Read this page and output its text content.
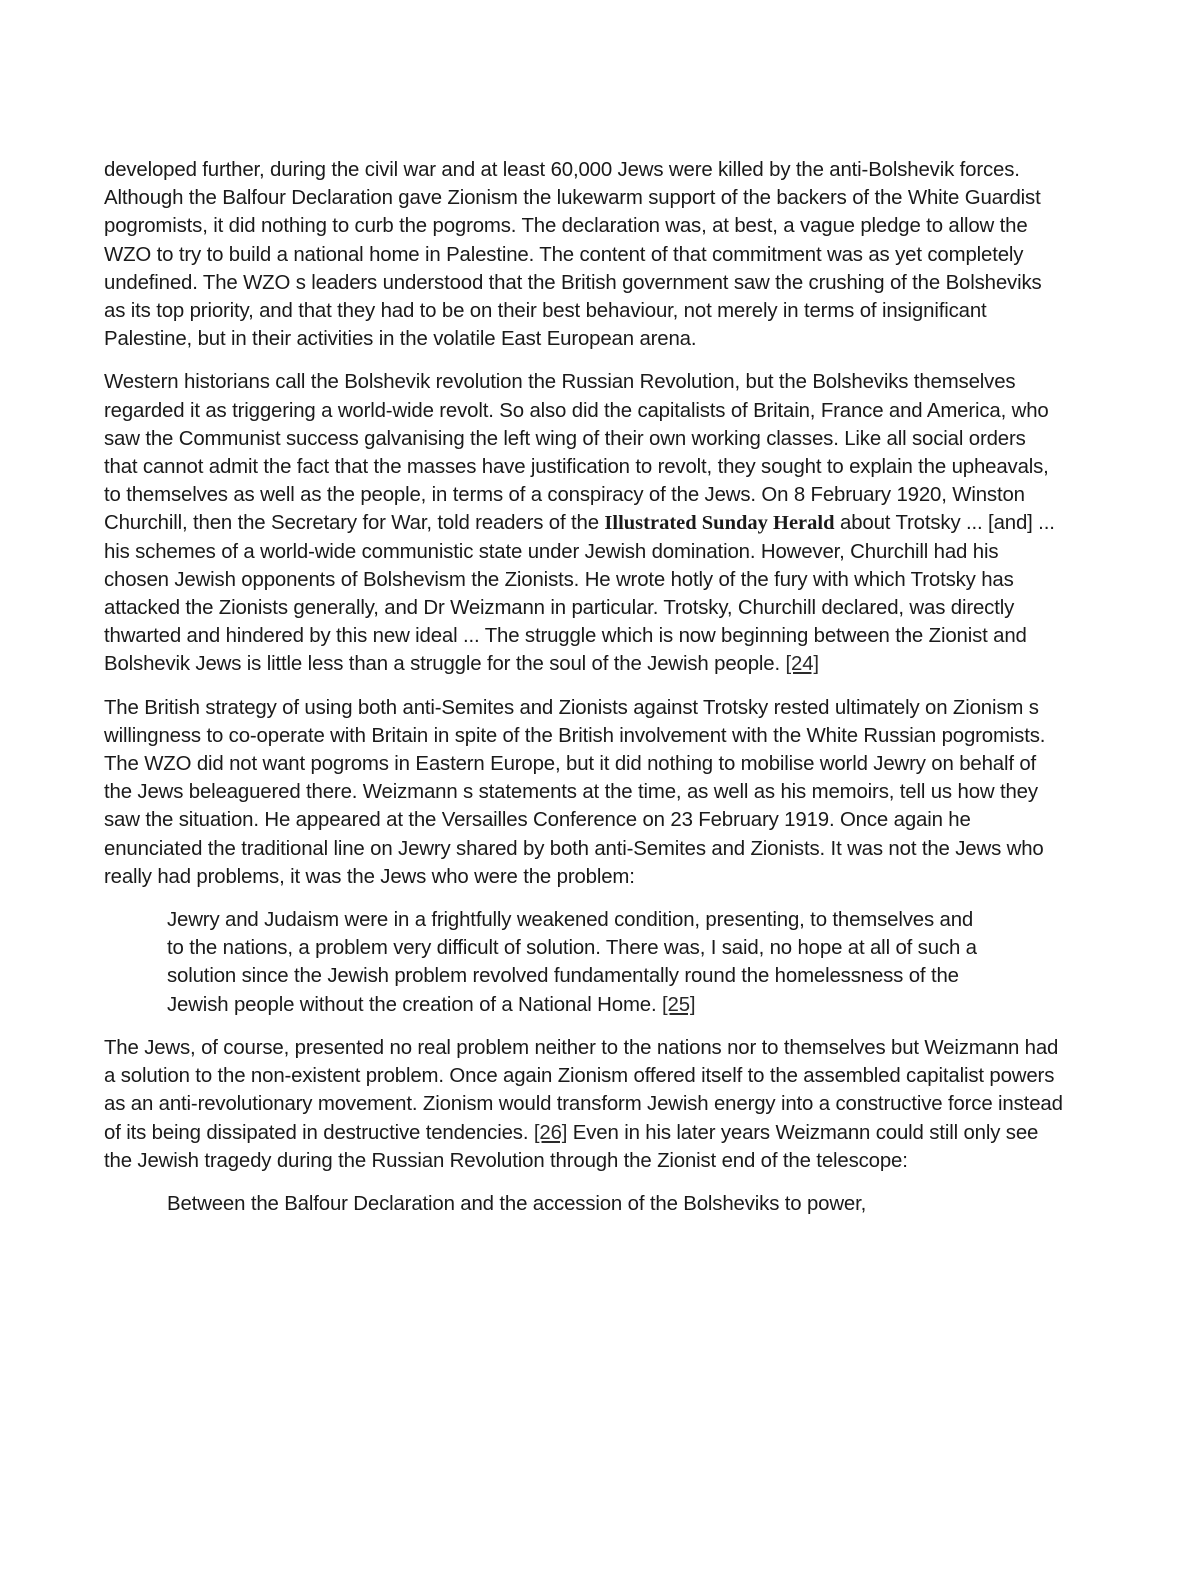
developed further, during the civil war and at least 60,000 Jews were killed by the anti-Bolshevik forces. Although the Balfour Declaration gave Zionism the lukewarm support of the backers of the White Guardist pogromists, it did nothing to curb the pogroms. The declaration was, at best, a vague pledge to allow the WZO to try to build a national home in Palestine. The content of that commitment was as yet completely undefined. The WZO s leaders understood that the British government saw the crushing of the Bolsheviks as its top priority, and that they had to be on their best behaviour, not merely in terms of insignificant Palestine, but in their activities in the volatile East European arena.

Western historians call the Bolshevik revolution the Russian Revolution, but the Bolsheviks themselves regarded it as triggering a world-wide revolt. So also did the capitalists of Britain, France and America, who saw the Communist success galvanising the left wing of their own working classes. Like all social orders that cannot admit the fact that the masses have justification to revolt, they sought to explain the upheavals, to themselves as well as the people, in terms of a conspiracy of the Jews. On 8 February 1920, Winston Churchill, then the Secretary for War, told readers of the Illustrated Sunday Herald about Trotsky ... [and] ... his schemes of a world-wide communistic state under Jewish domination. However, Churchill had his chosen Jewish opponents of Bolshevism the Zionists. He wrote hotly of the fury with which Trotsky has attacked the Zionists generally, and Dr Weizmann in particular. Trotsky, Churchill declared, was directly thwarted and hindered by this new ideal ... The struggle which is now beginning between the Zionist and Bolshevik Jews is little less than a struggle for the soul of the Jewish people. [24]

The British strategy of using both anti-Semites and Zionists against Trotsky rested ultimately on Zionism s willingness to co-operate with Britain in spite of the British involvement with the White Russian pogromists. The WZO did not want pogroms in Eastern Europe, but it did nothing to mobilise world Jewry on behalf of the Jews beleaguered there. Weizmann s statements at the time, as well as his memoirs, tell us how they saw the situation. He appeared at the Versailles Conference on 23 February 1919. Once again he enunciated the traditional line on Jewry shared by both anti-Semites and Zionists. It was not the Jews who really had problems, it was the Jews who were the problem:

Jewry and Judaism were in a frightfully weakened condition, presenting, to themselves and to the nations, a problem very difficult of solution. There was, I said, no hope at all of such a solution since the Jewish problem revolved fundamentally round the homelessness of the Jewish people without the creation of a National Home. [25]

The Jews, of course, presented no real problem neither to the nations nor to themselves but Weizmann had a solution to the non-existent problem. Once again Zionism offered itself to the assembled capitalist powers as an anti-revolutionary movement. Zionism would transform Jewish energy into a constructive force instead of its being dissipated in destructive tendencies. [26] Even in his later years Weizmann could still only see the Jewish tragedy during the Russian Revolution through the Zionist end of the telescope:

Between the Balfour Declaration and the accession of the Bolsheviks to power,
